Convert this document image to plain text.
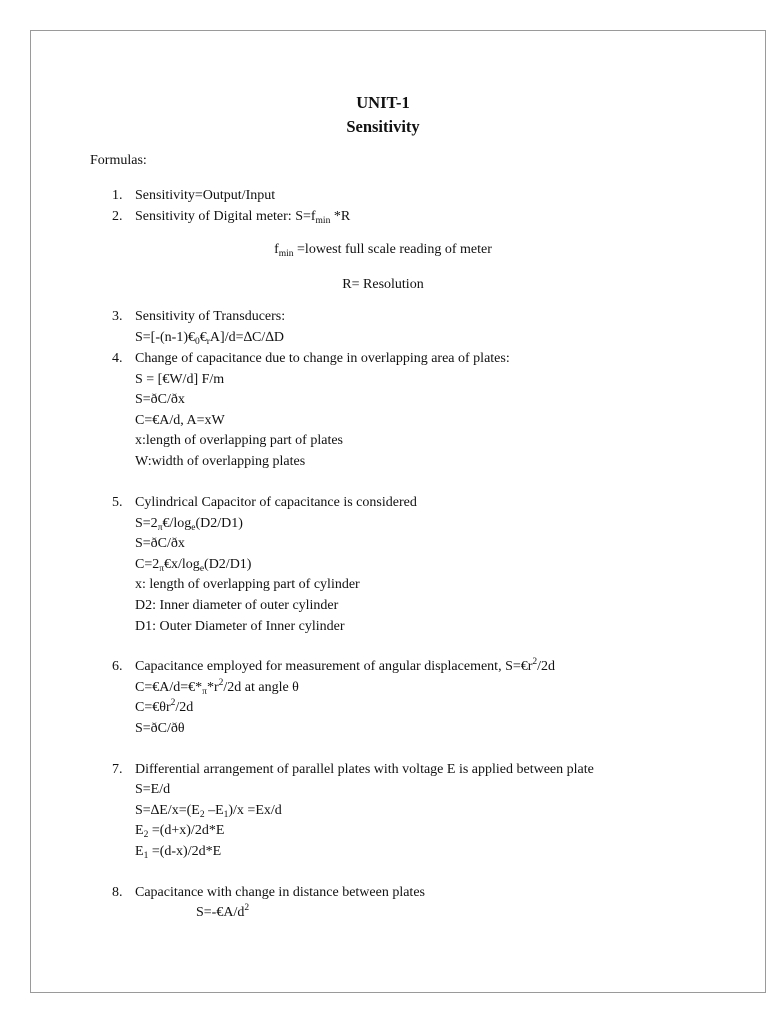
UNIT-1
Sensitivity
Formulas:
1. Sensitivity=Output/Input
2. Sensitivity of Digital meter: $S=f_{min}$ *R
$f_{min}$ =lowest full scale reading of meter
R= Resolution
3. Sensitivity of Transducers:
$S=[-(n-1)€_0€_rA]/d=\Delta C/\Delta D$
4. Change of capacitance due to change in overlapping area of plates:
S = [€W/d] F/m
S=ðC/ðx
C=€A/d, A=xW
x:length of overlapping part of plates
W:width of overlapping plates
5. Cylindrical Capacitor of capacitance is considered
$S=2_\pi€/\log_e(D2/D1)$
S=ðC/ðx
$C=2_\pi€x/\log_e(D2/D1)$
x: length of overlapping part of cylinder
D2: Inner diameter of outer cylinder
D1: Outer Diameter of Inner cylinder
6. Capacitance employed for measurement of angular displacement, $S=€r^2/2d$
$C=€A/d=€*_\pi*r^2/2d$ at angle θ
$C=€\theta r^2/2d$
S=ðC/ðθ
7. Differential arrangement of parallel plates with voltage E is applied between plate
S=E/d
$S=\Delta E/x=(E_2$ $-E_1)/x =Ex/d$
$E_2 =(d+x)/2d*E$
$E_1 =(d-x)/2d*E$
8. Capacitance with change in distance between plates
$S=-€A/d^2$
